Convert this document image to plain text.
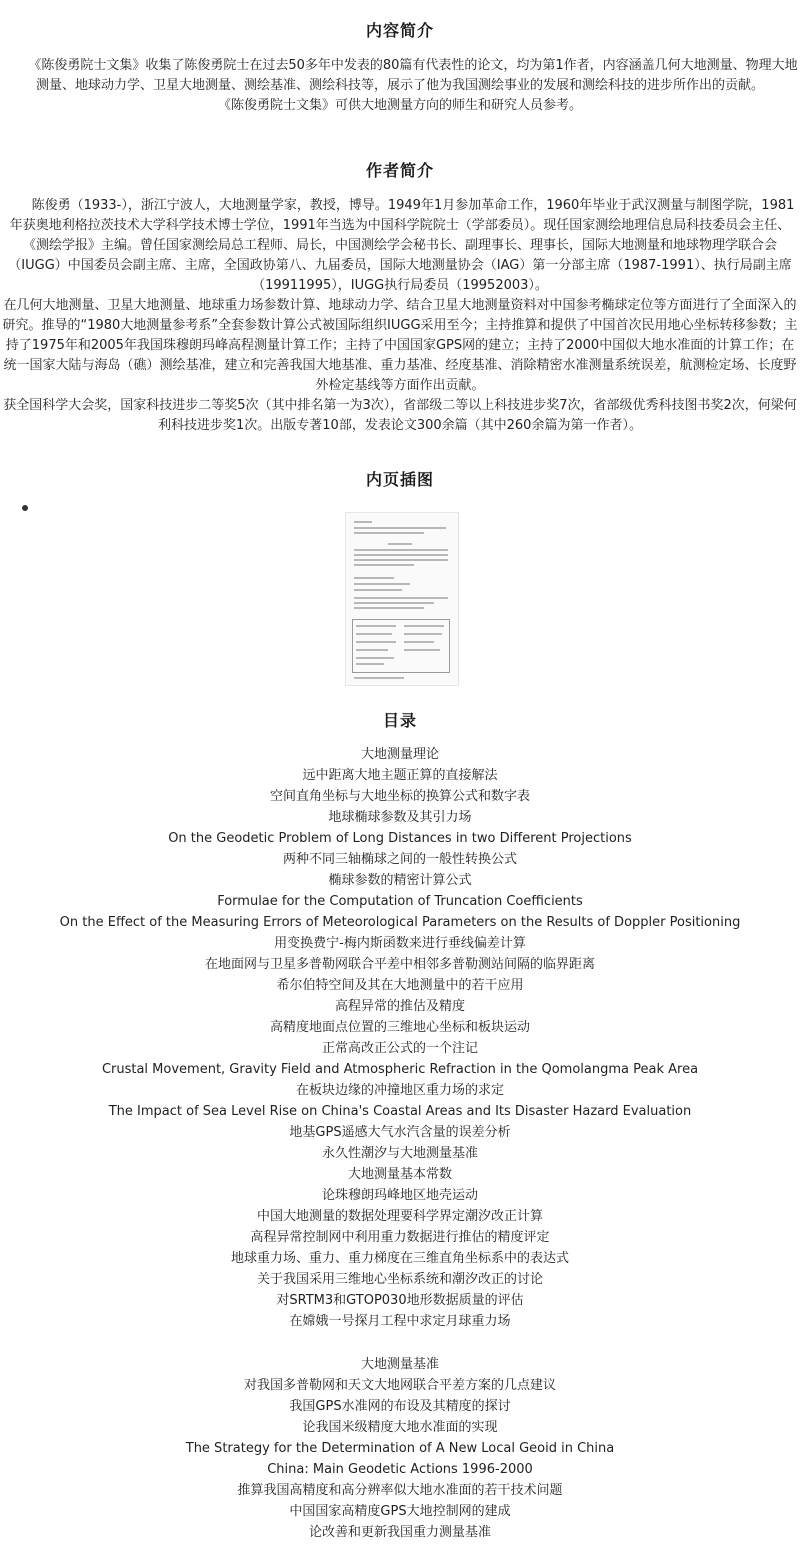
内容简介
《陈俊勇院士文集》收集了陈俊勇院士在过去50多年中发表的80篇有代表性的论文，均为第1作者，内容涵盖几何大地测量、物理大地测量、地球动力学、卫星大地测量、测绘基准、测绘科技等，展示了他为我国测绘事业的发展和测绘科技的进步所作出的贡献。
《陈俊勇院士文集》可供大地测量方向的师生和研究人员参考。
作者简介
陈俊勇（1933-），浙江宁波人，大地测量学家，教授，博导。1949年1月参加革命工作，1960年毕业于武汉测量与制图学院，1981年获奥地利格拉茨技术大学科学技术博士学位，1991年当选为中国科学院院士（学部委员）。现任国家测绘地理信息局科技委员会主任、《测绘学报》主编。曾任国家测绘局总工程师、局长，中国测绘学会秘书长、副理事长、理事长，国际大地测量和地球物理学联合会（IUGG）中国委员会副主席、主席，全国政协第八、九届委员，国际大地测量协会（IAG）第一分部主席（1987-1991）、执行局副主席（19911995），IUGG执行局委员（19952003）。
在几何大地测量、卫星大地测量、地球重力场参数计算、地球动力学、结合卫星大地测量资料对中国参考椭球定位等方面进行了全面深入的研究。推导的“1980大地测量参考系”全套参数计算公式被国际组织IUGG采用至今；主持推算和提供了中国首次民用地心坐标转移参数；主持了1975年和2005年我国珠穆朗玛峰高程测量计算工作；主持了中国国家GPS网的建立；主持了2000中国似大地水准面的计算工作；在统一国家大陆与海岛（礁）测绘基准，建立和完善我国大地基准、重力基准、经度基准、消除精密水准测量系统误差，航测检定场、长度野外检定基线等方面作出贡献。
获全国科学大会奖，国家科技进步二等奖5次（其中排名第一为3次），省部级二等以上科技进步奖7次，省部级优秀科技图书奖2次，何梁何利科技进步奖1次。出版专著10部，发表论文300余篇（其中260余篇为第一作者）。
内页插图
目录
大地测量理论
远中距离大地主题正算的直接解法
空间直角坐标与大地坐标的换算公式和数字表
地球椭球参数及其引力场
On the Geodetic Problem of Long Distances in two Different Projections
两种不同三轴椭球之间的一般性转换公式
椭球参数的精密计算公式
Formulae for the Computation of Truncation Coefficients
On the Effect of the Measuring Errors of Meteorological Parameters on the Results of Doppler Positioning
用变换费宁-梅内斯函数来进行垂线偏差计算
在地面网与卫星多普勒网联合平差中相邻多普勒测站间隔的临界距离
希尔伯特空间及其在大地测量中的若干应用
高程异常的推估及精度
高精度地面点位置的三维地心坐标和板块运动
正常高改正公式的一个注记
Crustal Movement, Gravity Field and Atmospheric Refraction in the Qomolangma Peak Area
在板块边缘的冲撞地区重力场的求定
The Impact of Sea Level Rise on China's Coastal Areas and Its Disaster Hazard Evaluation
地基GPS遥感大气水汽含量的误差分析
永久性潮汐与大地测量基准
大地测量基本常数
论珠穆朗玛峰地区地壳运动
中国大地测量的数据处理要科学界定潮汐改正计算
高程异常控制网中利用重力数据进行推估的精度评定
地球重力场、重力、重力梯度在三维直角坐标系中的表达式
关于我国采用三维地心坐标系统和潮汐改正的讨论
对SRTM3和GTOP030地形数据质量的评估
在嫦娥一号探月工程中求定月球重力场
大地测量基准
对我国多普勒网和天文大地网联合平差方案的几点建议
我国GPS水准网的布设及其精度的探讨
论我国米级精度大地水准面的实现
The Strategy for the Determination of A New Local Geoid in China
China: Main Geodetic Actions 1996-2000
推算我国高精度和高分辨率似大地水准面的若干技术问题
中国国家高精度GPS大地控制网的建成
论改善和更新我国重力测量基准
